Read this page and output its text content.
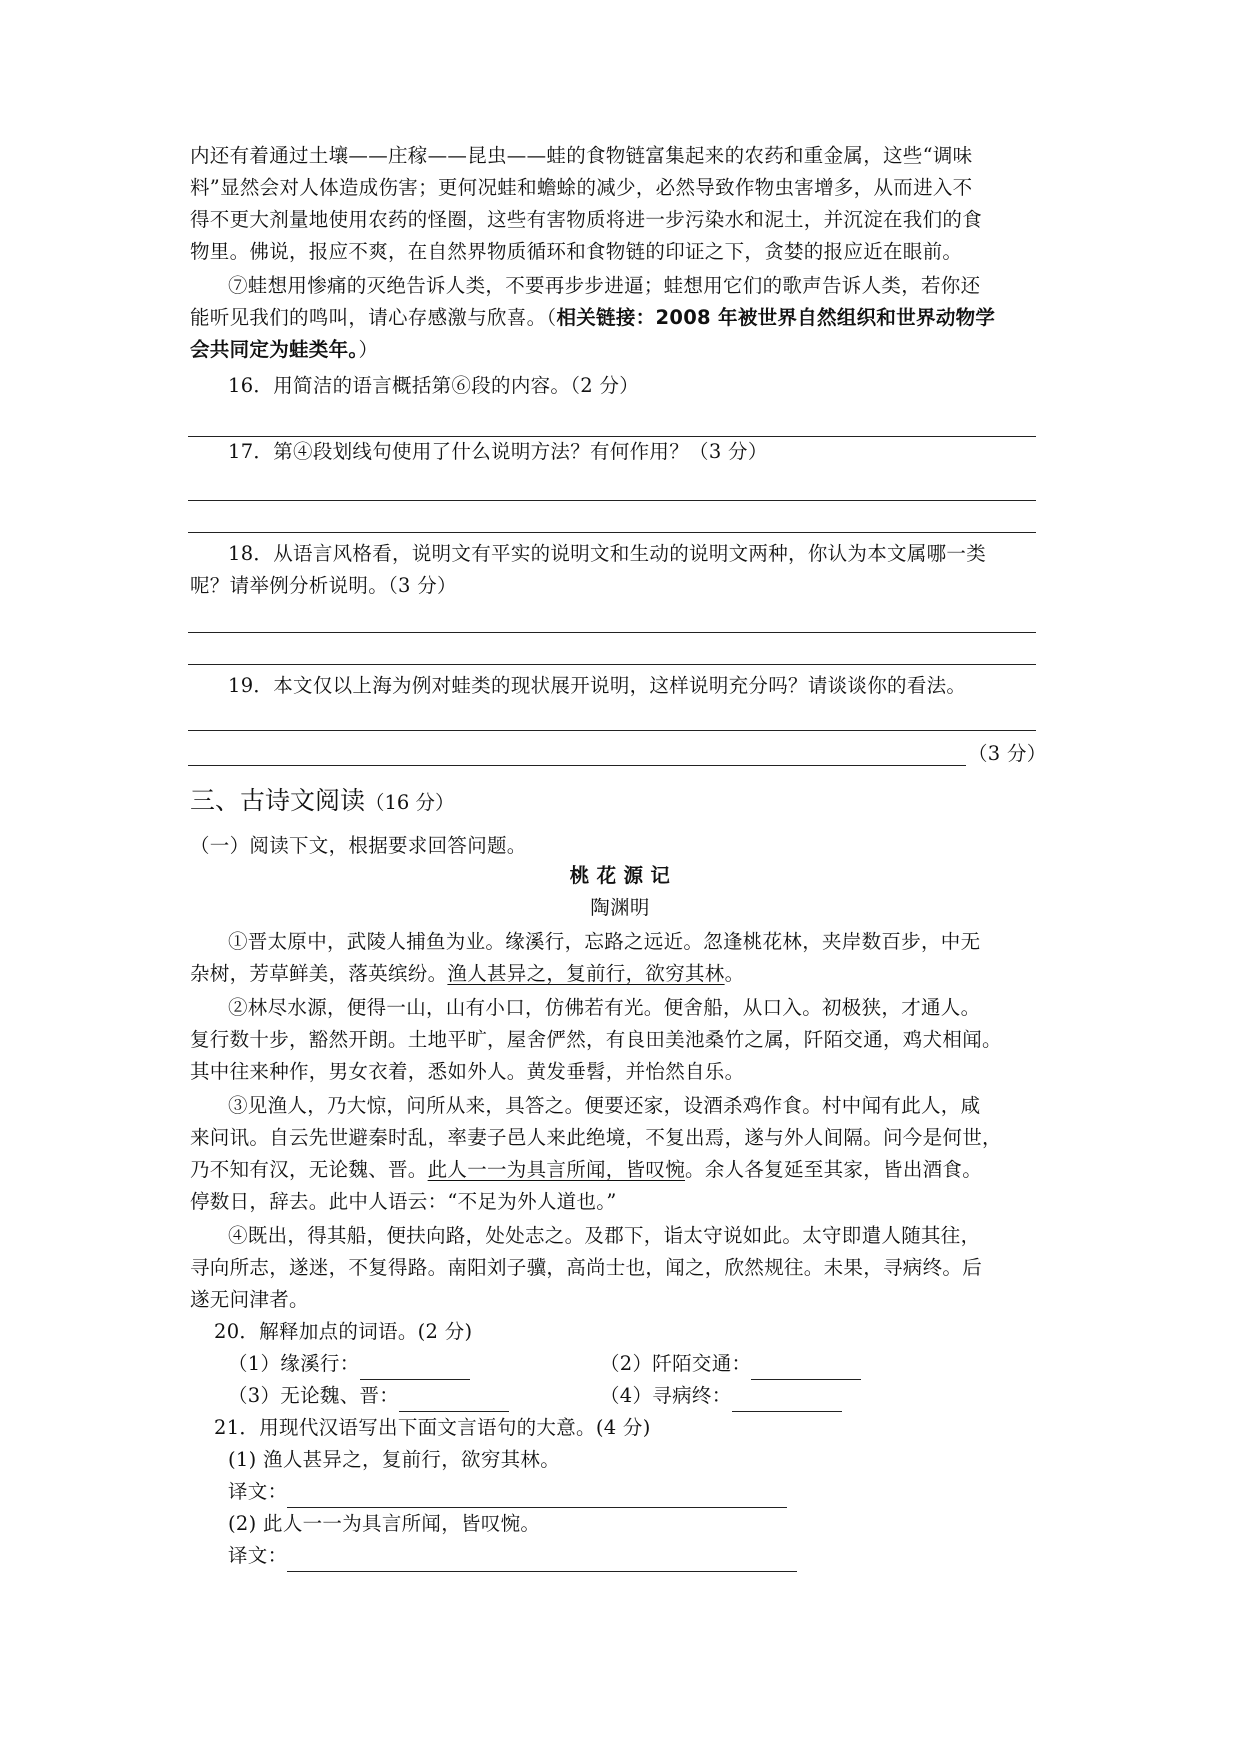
内还有着通过土壤——庄稼——昆虫——蛙的食物链富集起来的农药和重金属，这些“调味
料”显然会对人体造成伤害；更何况蛙和蟾蜍的减少，必然导致作物虫害增多，从而进入不
得不更大剂量地使用农药的怪圈，这些有害物质将进一步污染水和泥土，并沉淀在我们的食
物里。佛说，报应不爽，在自然界物质循环和食物链的印证之下，贪婪的报应近在眼前。
⑦蛙想用惨痛的灭绝告诉人类，不要再步步进逼；蛙想用它们的歌声告诉人类，若你还
能听见我们的鸣叫，请心存感激与欣喜。（相关链接：2008 年被世界自然组织和世界动物学
会共同定为蛙类年。）
16．用简洁的语言概括第⑥段的内容。（2 分）
17．第④段划线句使用了什么说明方法？有何作用？（3 分）
18．从语言风格看，说明文有平实的说明文和生动的说明文两种，你认为本文属哪一类
呢？请举例分析说明。（3 分）
19．本文仅以上海为例对蛙类的现状展开说明，这样说明充分吗？请谈谈你的看法。
（3 分）
三、古诗文阅读（16 分）
（一）阅读下文，根据要求回答问题。
桃 花 源 记
陶渊明
①晋太原中，武陵人捕鱼为业。缘溪行，忘路之远近。忽逢桃花林，夹岸数百步，中无
杂树，芳草鲜美，落英缤纷。渔人甚异之，复前行，欲穷其林。
②林尽水源，便得一山，山有小口，仿佛若有光。便舍船，从口入。初极狭，才通人。
复行数十步，豁然开朗。土地平旷，屋舍俨然，有良田美池桑竹之属，阡陌交通，鸡犬相闻。
其中往来种作，男女衣着，悉如外人。黄发垂髫，并怡然自乐。
③见渔人，乃大惊，问所从来，具答之。便要还家，设酒杀鸡作食。村中闻有此人，咸
来问讯。自云先世避秦时乱，率妻子邑人来此绝境，不复出焉，遂与外人间隔。问今是何世，
乃不知有汉，无论魏、晋。此人一一为具言所闻，皆叹惋。余人各复延至其家，皆出酒食。
停数日，辞去。此中人语云：“不足为外人道也。”
④既出，得其船，便扶向路，处处志之。及郡下，诣太守说如此。太守即遣人随其往，
寻向所志，遂迷，不复得路。南阳刘子骥，高尚士也，闻之，欣然规往。未果，寻病终。后
遂无问津者。
20．解释加点的词语。(2 分)
（1）缘溪行：	（2）阡陌交通：
（3）无论魏、晋：	（4）寻病终：
21．用现代汉语写出下面文言语句的大意。(4 分)
(1) 渔人甚异之，复前行，欲穷其林。
译文：
(2) 此人一一为具言所闻，皆叹惋。
译文：
